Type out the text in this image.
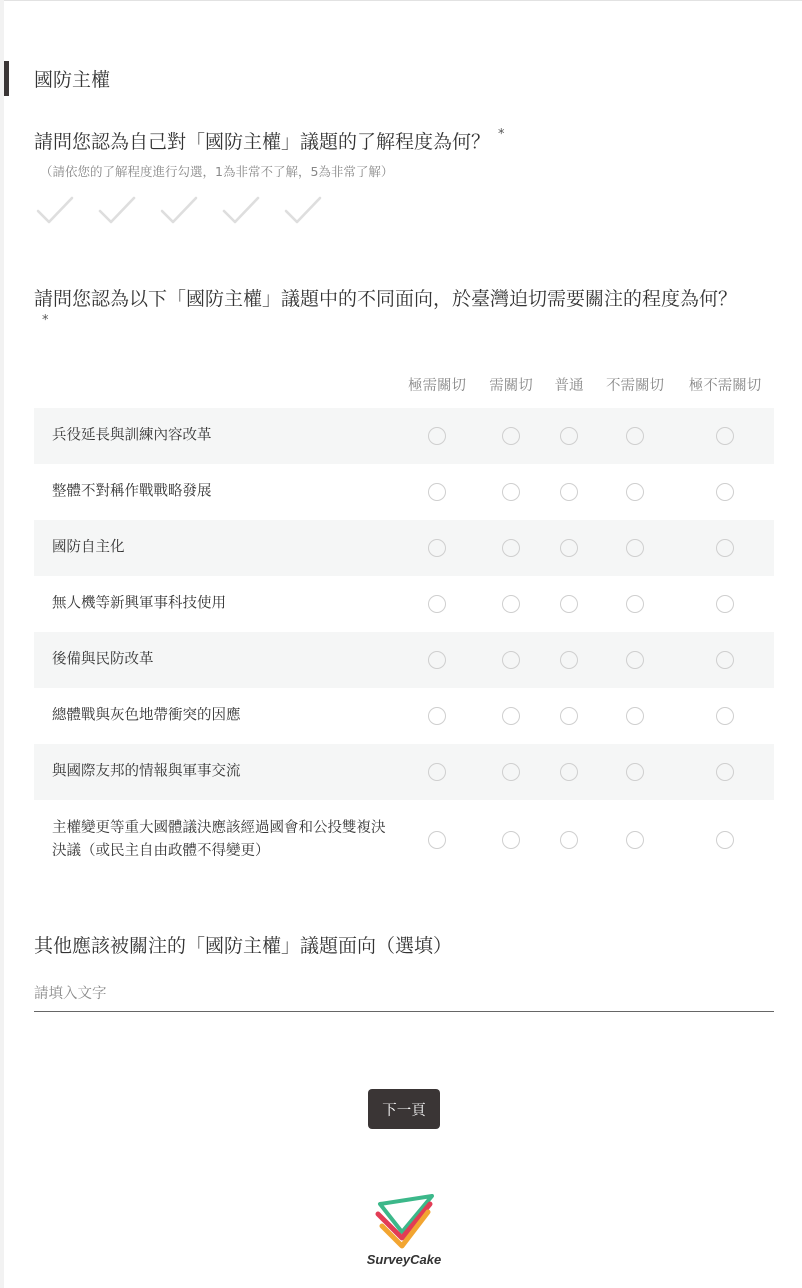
國防主權
請問您認為自己對「國防主權」議題的了解程度為何？ *
（請依您的了解程度進行勾選，1為非常不了解，5為非常了解）
請問您認為以下「國防主權」議題中的不同面向，於臺灣迫切需要關注的程度為何？
*
極需關切 需關切 普通 不需關切 極不需關切
兵役延長與訓練內容改革
整體不對稱作戰戰略發展
國防自主化
無人機等新興軍事科技使用
後備與民防改革
總體戰與灰色地帶衝突的因應
與國際友邦的情報與軍事交流
主權變更等重大國體議決應該經過國會和公投雙複決決議（或民主自由政體不得變更）
其他應該被關注的「國防主權」議題面向（選填）
請填入文字
下一頁
SurveyCake
